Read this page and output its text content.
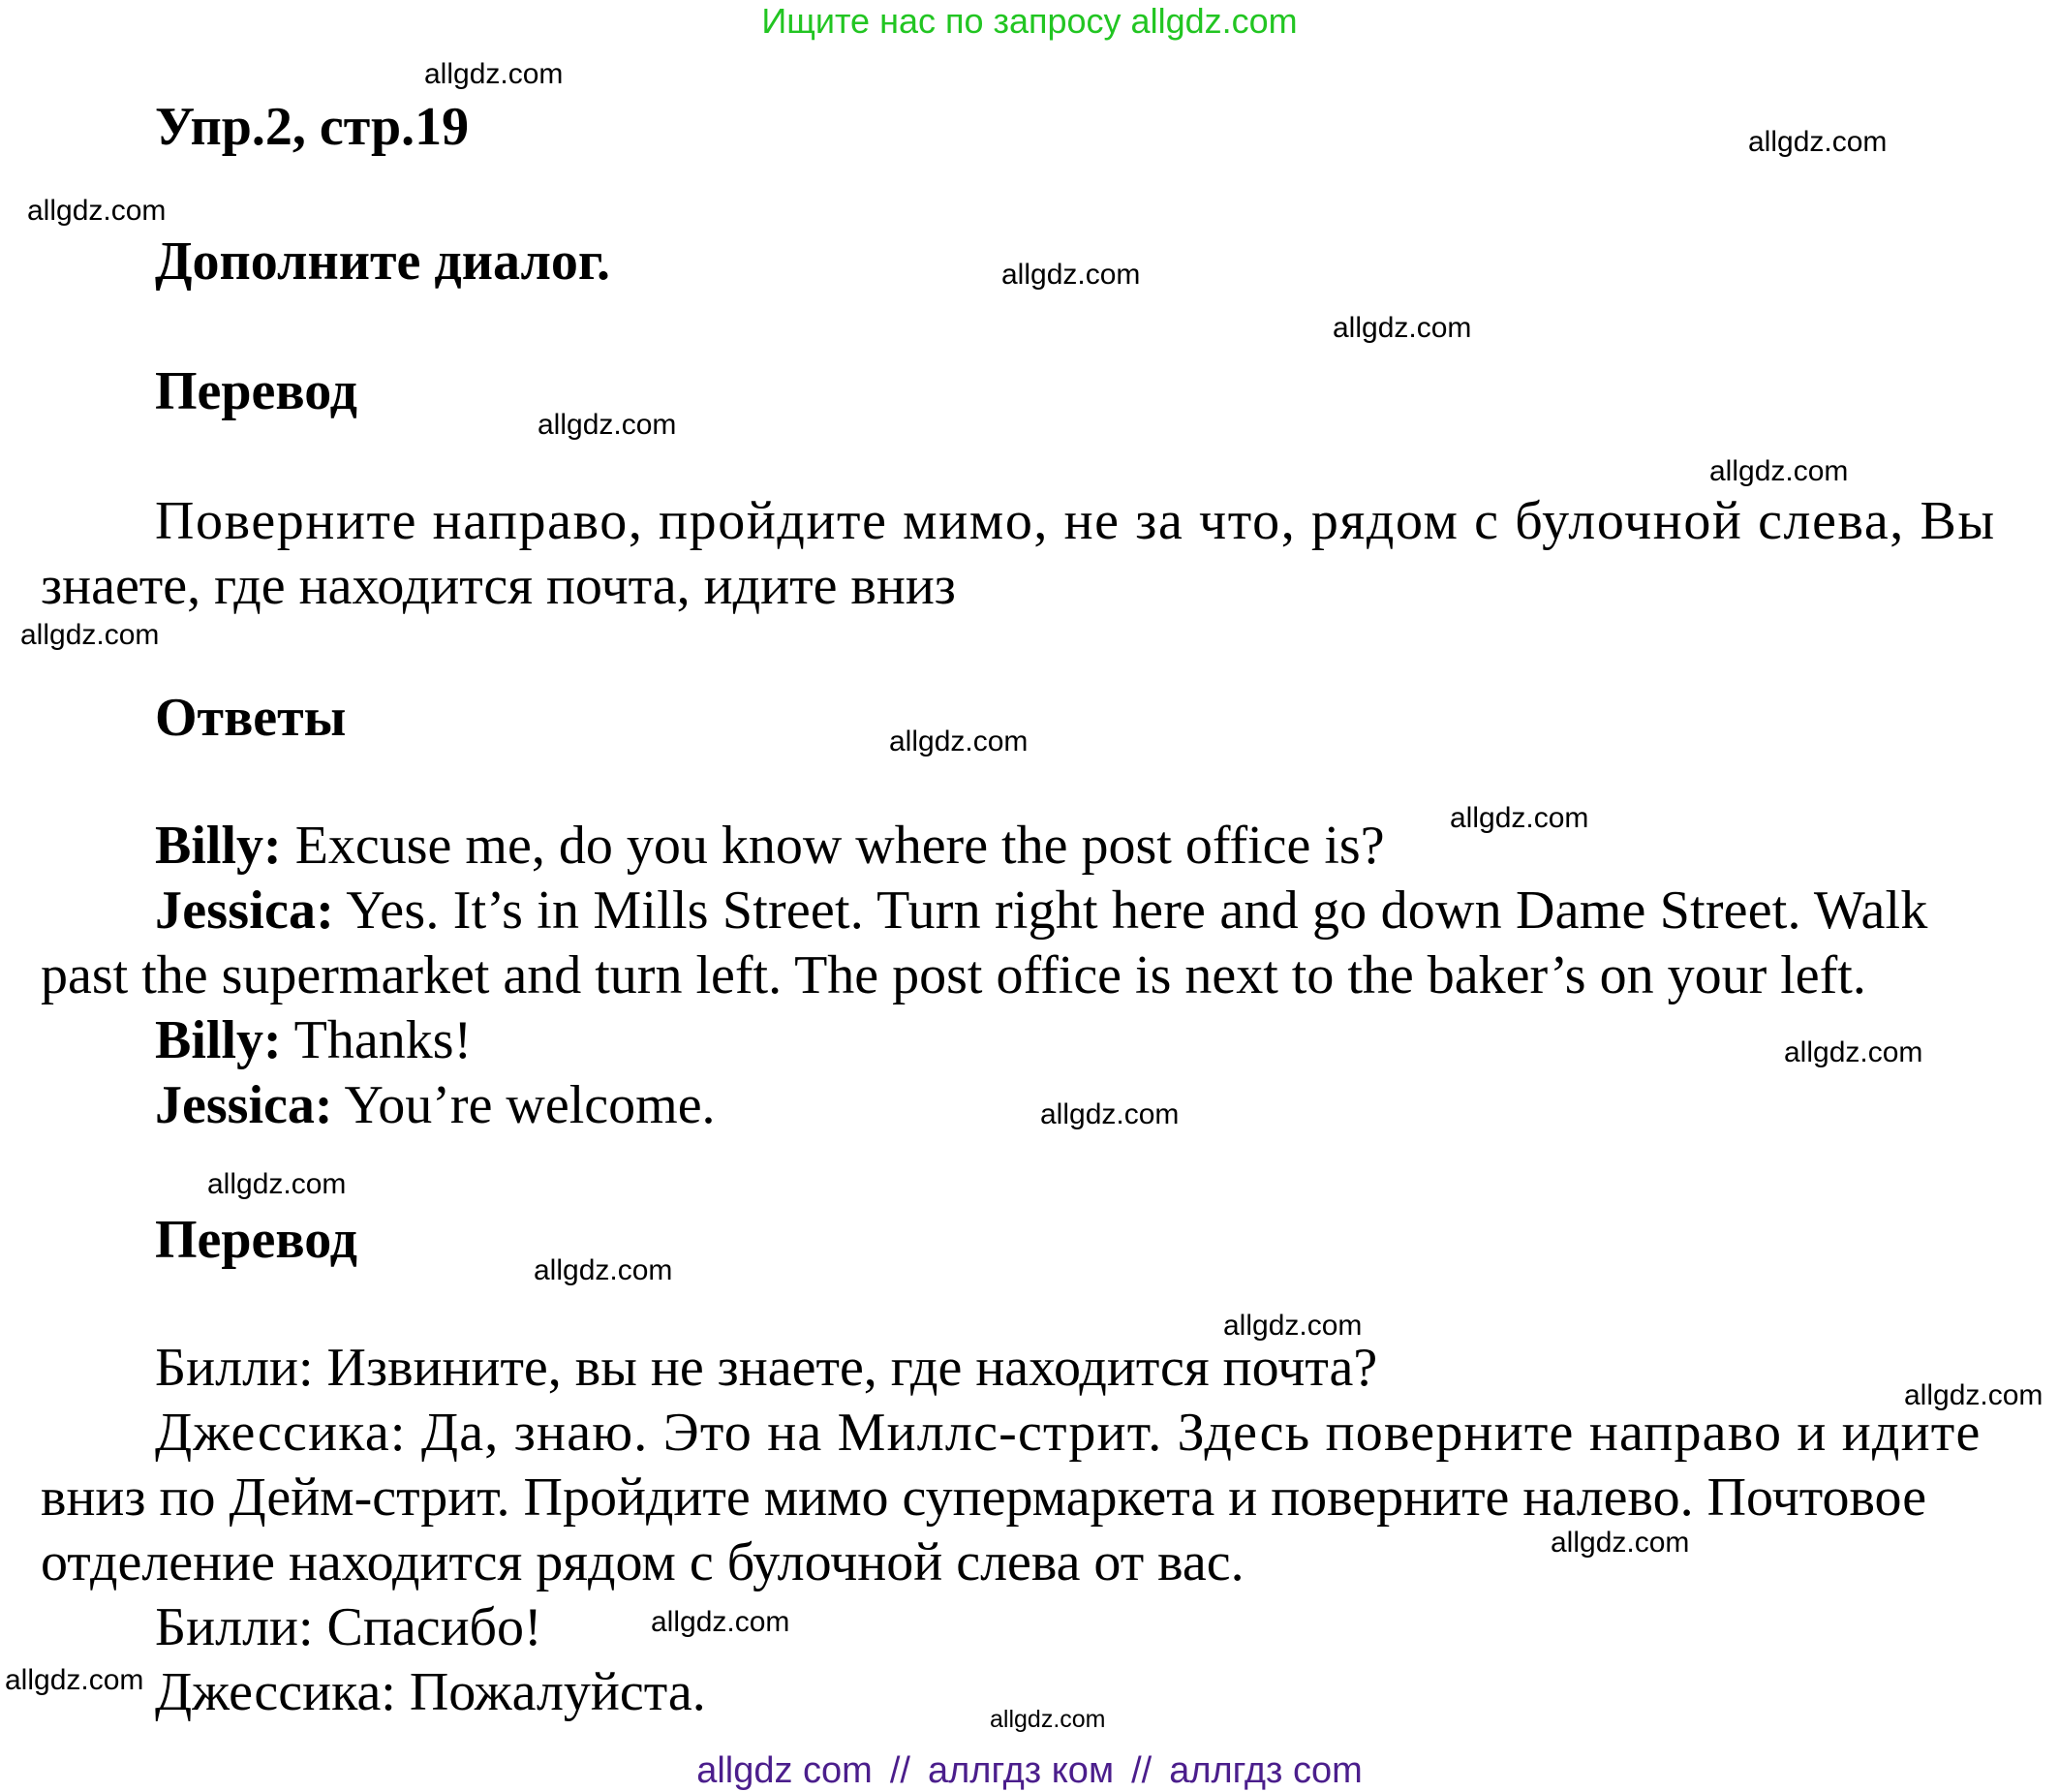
Ищите нас по запросу allgdz.com
Упр.2, стр.19
Дополните диалог.
Перевод
Поверните направо, пройдите мимо, не за что, рядом с булочной слева, Вы
знаете, где находится почта, идите вниз
Ответы
Billy: Excuse me, do you know where the post office is?
Jessica: Yes. It’s in Mills Street. Turn right here and go down Dame Street. Walk
past the supermarket and turn left. The post office is next to the baker’s on your left.
Billy: Thanks!
Jessica: You’re welcome.
Перевод
Билли: Извините, вы не знаете, где находится почта?
Джессика: Да, знаю. Это на Миллс-стрит. Здесь поверните направо и идите
вниз по Дейм-стрит. Пройдите мимо супермаркета и поверните налево. Почтовое
отделение находится рядом с булочной слева от вас.
Билли: Спасибо!
Джессика: Пожалуйста.
allgdz.com
allgdz.com
allgdz.com
allgdz.com
allgdz.com
allgdz.com
allgdz.com
allgdz.com
allgdz.com
allgdz.com
allgdz.com
allgdz.com
allgdz.com
allgdz.com
allgdz.com
allgdz.com
allgdz.com
allgdz.com
allgdz.com
allgdz.com
allgdz com // аллгдз ком // аллгдз com
